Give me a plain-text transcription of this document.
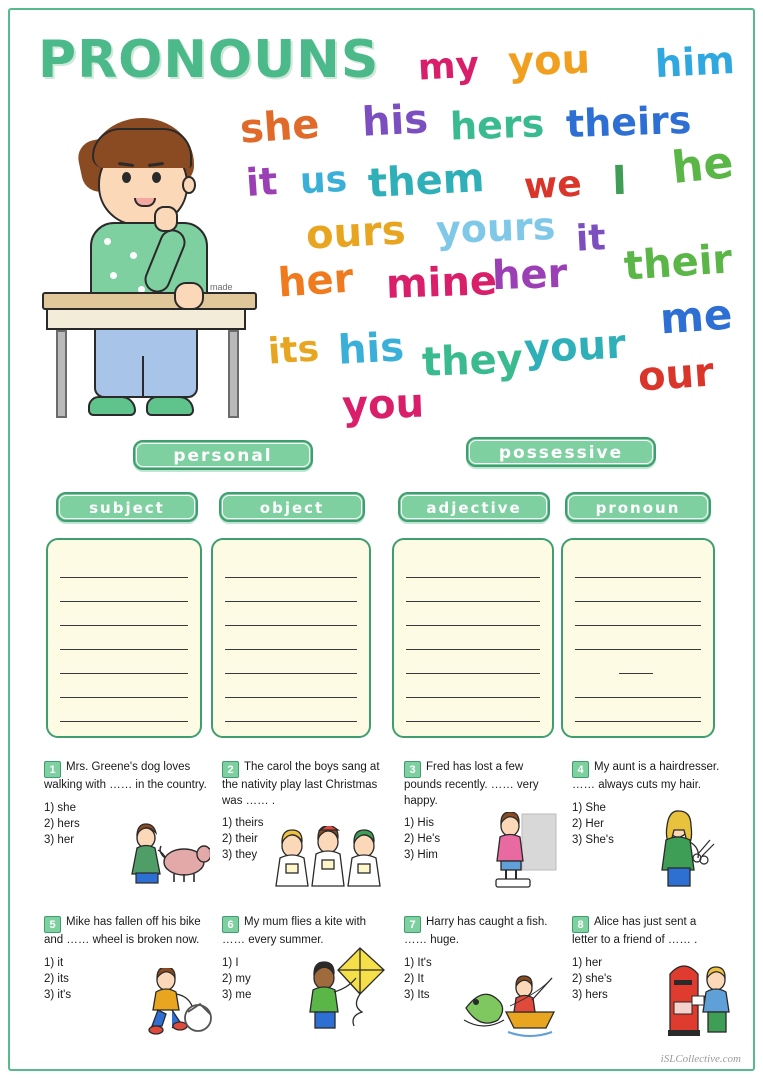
PRONOUNS my you him
she his hers theirs
he
it us them we I
ours yours it their
her mine
her
me
its his they your
our
you
made
personal	possessive
subject	object	adjective	pronoun
1 Mrs. Greene's dog loves walking with …… in the country.
1) she
2) hers
3) her
2 The carol the boys sang at the nativity play last Christmas was …… .
1) theirs
2) their
3) they
3 Fred has lost a few pounds recently. …… very happy.
1) His
2) He's
3) Him
4 My aunt is a hairdresser. …… always cuts my hair.
1) She
2) Her
3) She's
5 Mike has fallen off his bike and …… wheel is broken now.
1) it
2) its
3) it's
6 My mum flies a kite with …… every summer.
1) I
2) my
3) me
7 Harry has caught a fish. …… huge.
1) It's
2) It
3) Its
8 Alice has just sent a letter to a friend of …… .
1) her
2) she's
3) hers
iSLCollective.com
